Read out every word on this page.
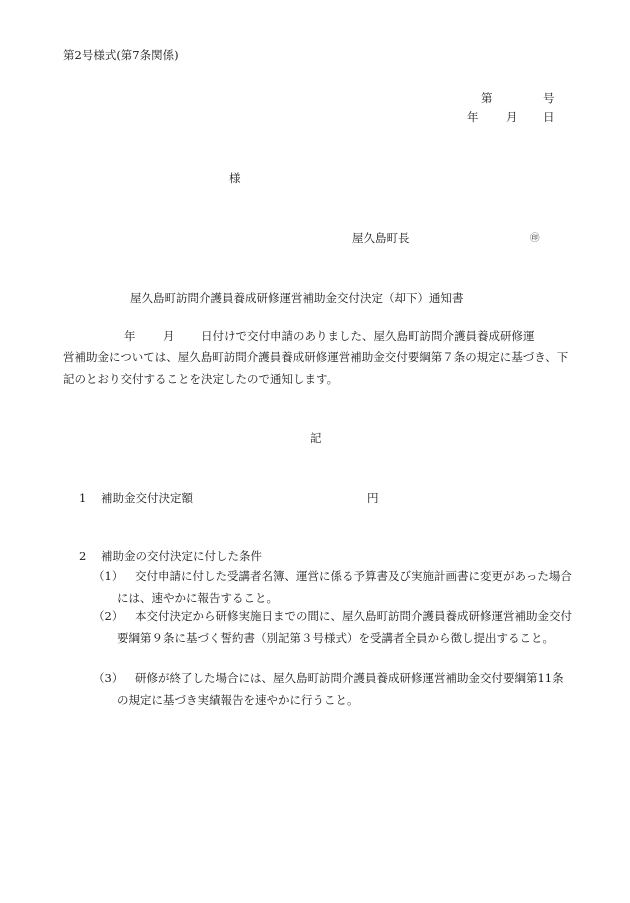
第2号様式(第7条関係)
第	号
年 月 日
様
屋久島町長	㊞
屋久島町訪問介護員養成研修運営補助金交付決定（却下）通知書
年 月 日付けで交付申請のありました、屋久島町訪問介護員養成研修運
営補助金については、屋久島町訪問介護員養成研修運営補助金交付要綱第７条の規定に基づき、下記のとおり交付することを決定したので通知します。
記
1 補助金交付決定額	円
2 補助金の交付決定に付した条件
（1）	交付申請に付した受講者名簿、運営に係る予算書及び実施計画書に変更があった場合には、速やかに報告すること。
（2）	本交付決定から研修実施日までの間に、屋久島町訪問介護員養成研修運営補助金交付要綱第９条に基づく誓約書（別記第３号様式）を受講者全員から徴し提出すること。
（3）	研修が終了した場合には、屋久島町訪問介護員養成研修運営補助金交付要綱第11条の規定に基づき実績報告を速やかに行うこと。
